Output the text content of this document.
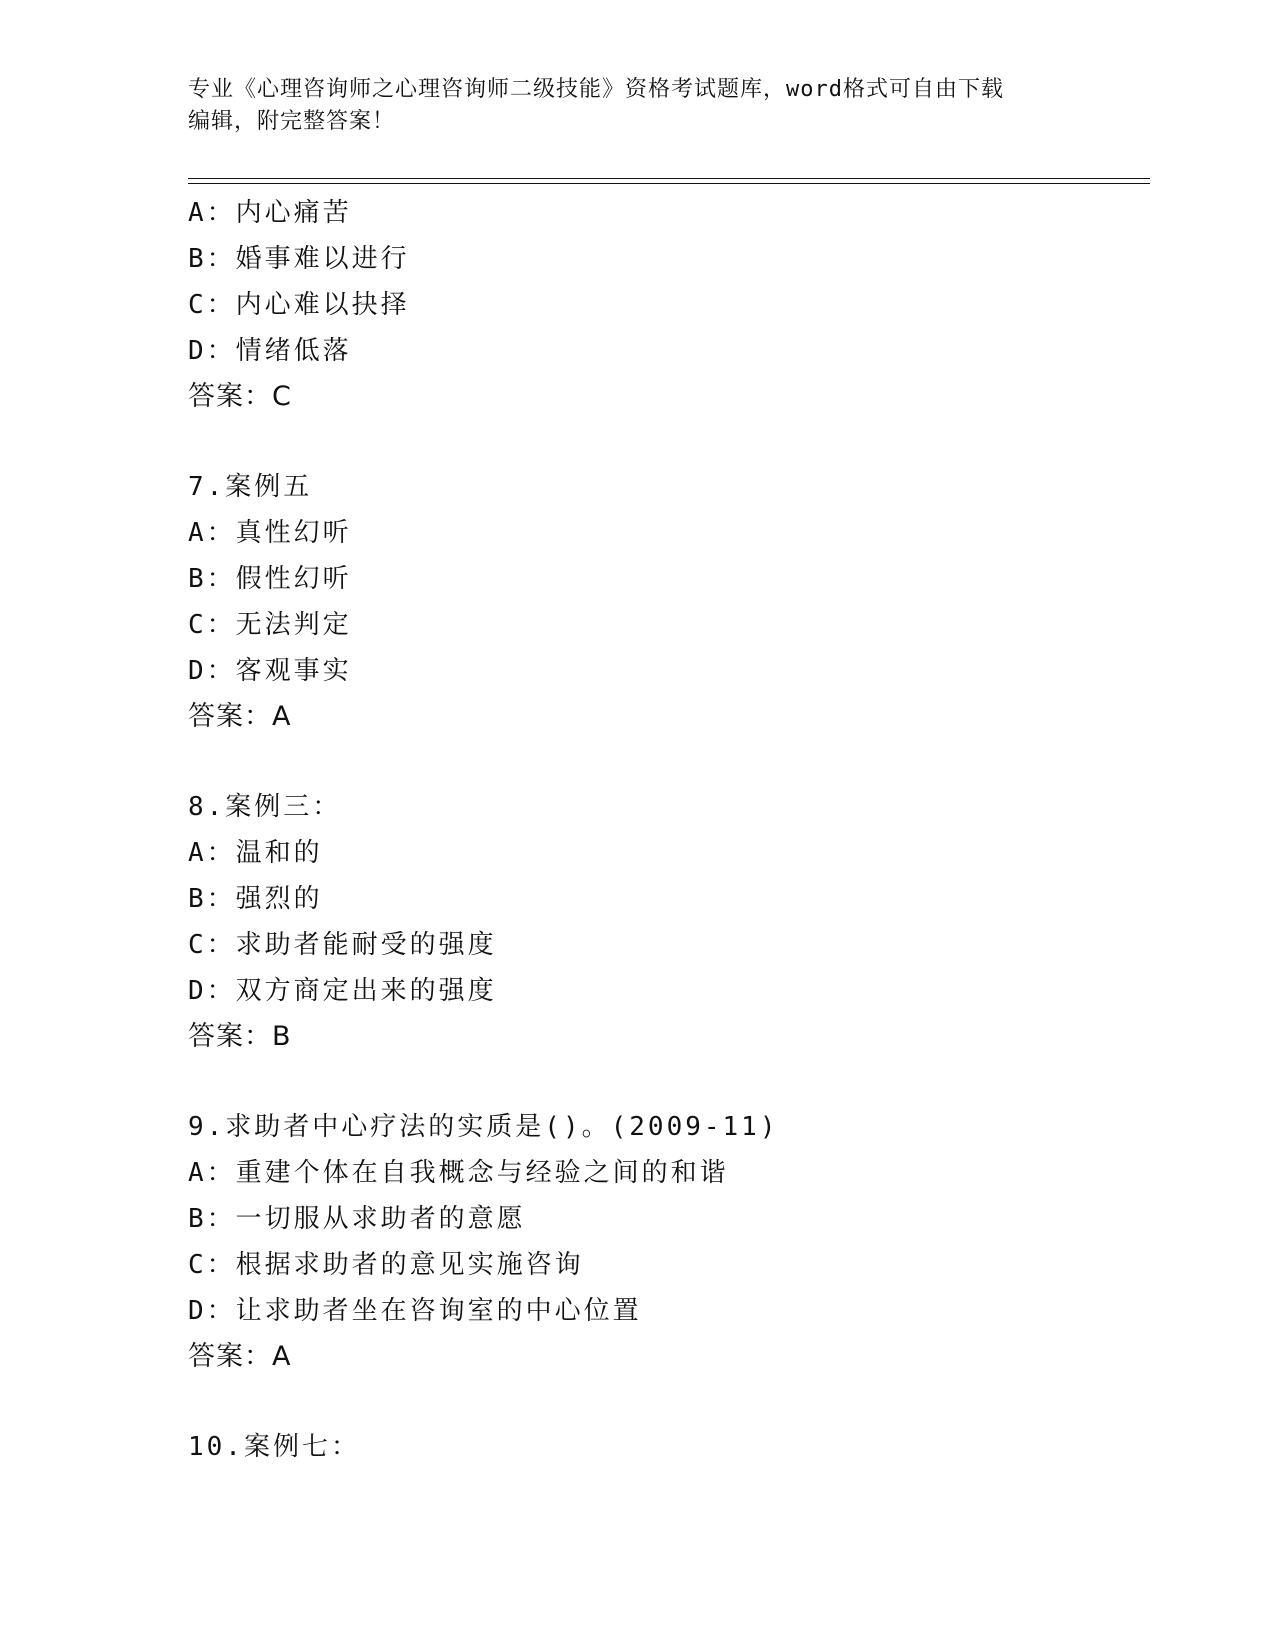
专业《心理咨询师之心理咨询师二级技能》资格考试题库，word格式可自由下载
编辑，附完整答案！
A：内心痛苦
B：婚事难以进行
C：内心难以抉择
D：情绪低落
答案：C
7.案例五
A：真性幻听
B：假性幻听
C：无法判定
D：客观事实
答案：A
8.案例三：
A：温和的
B：强烈的
C：求助者能耐受的强度
D：双方商定出来的强度
答案：B
9.求助者中心疗法的实质是()。(2009-11)
A：重建个体在自我概念与经验之间的和谐
B：一切服从求助者的意愿
C：根据求助者的意见实施咨询
D：让求助者坐在咨询室的中心位置
答案：A
10.案例七：
